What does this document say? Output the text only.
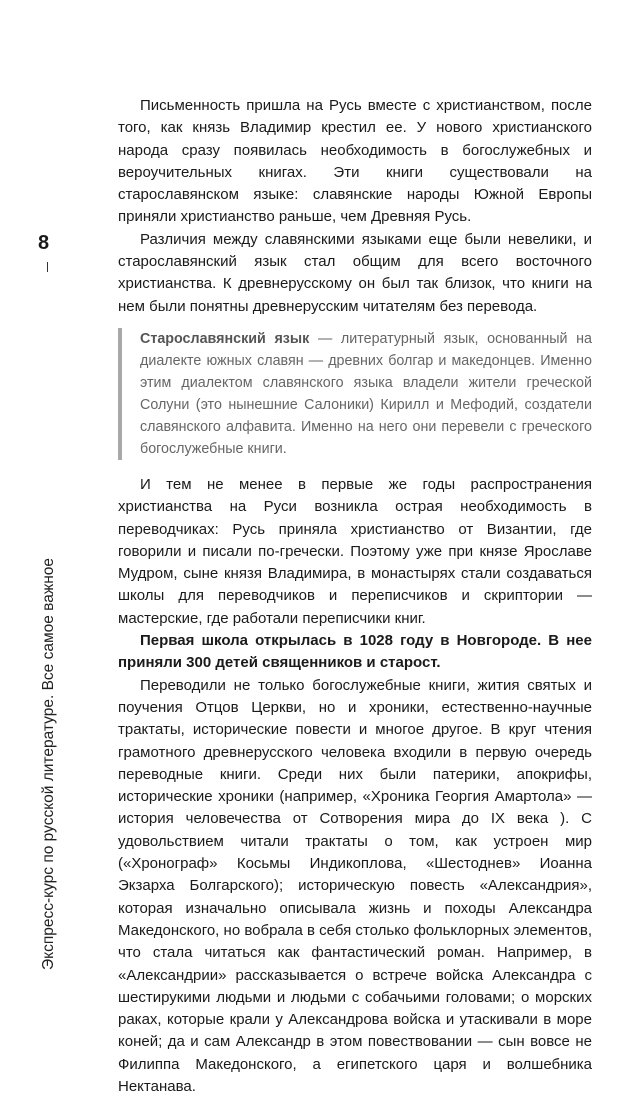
8
Экспресс-курс по русской литературе. Все самое важное

Письменность пришла на Русь вместе с христианством, после того, как князь Владимир крестил ее. У нового христианского народа сразу появилась необходимость в богослужебных и вероучительных книгах. Эти книги существовали на старославянском языке: славянские народы Южной Европы приняли христианство раньше, чем Древняя Русь.

Различия между славянскими языками еще были невелики, и старославянский язык стал общим для всего восточного христианства. К древнерусскому он был так близок, что книги на нем были понятны древнерусским читателям без перевода.

Старославянский язык — литературный язык, основанный на диалекте южных славян — древних болгар и македонцев. Именно этим диалектом славянского языка владели жители греческой Солуни (это нынешние Салоники) Кирилл и Мефодий, создатели славянского алфавита. Именно на него они перевели с греческого богослужебные книги.

И тем не менее в первые же годы распространения христианства на Руси возникла острая необходимость в переводчиках: Русь приняла христианство от Византии, где говорили и писали по-гречески. Поэтому уже при князе Ярославе Мудром, сыне князя Владимира, в монастырях стали создаваться школы для переводчиков и переписчиков и скриптории — мастерские, где работали переписчики книг.

Первая школа открылась в 1028 году в Новгороде. В нее приняли 300 детей священников и старост.

Переводили не только богослужебные книги, жития святых и поучения Отцов Церкви, но и хроники, естественно-научные трактаты, исторические повести и многое другое. В круг чтения грамотного древнерусского человека входили в первую очередь переводные книги. Среди них были патерики, апокрифы, исторические хроники (например, «Хроника Георгия Амартола» — история человечества от Сотворения мира до IX века ). С удовольствием читали трактаты о том, как устроен мир («Хронограф» Косьмы Индикоплова, «Шестоднев» Иоанна Экзарха Болгарского); историческую повесть «Александрия», которая изначально описывала жизнь и походы Александра Македонского, но вобрала в себя столько фольклорных элементов, что стала читаться как фантастический роман. Например, в «Александрии» рассказывается о встрече войска Александра с шестирукими людьми и людьми с собачьими головами; о морских раках, которые крали у Александрова войска и утаскивали в море коней; да и сам Александр в этом повествовании — сын вовсе не Филиппа Македонского, а египетского царя и волшебника Нектанава.
